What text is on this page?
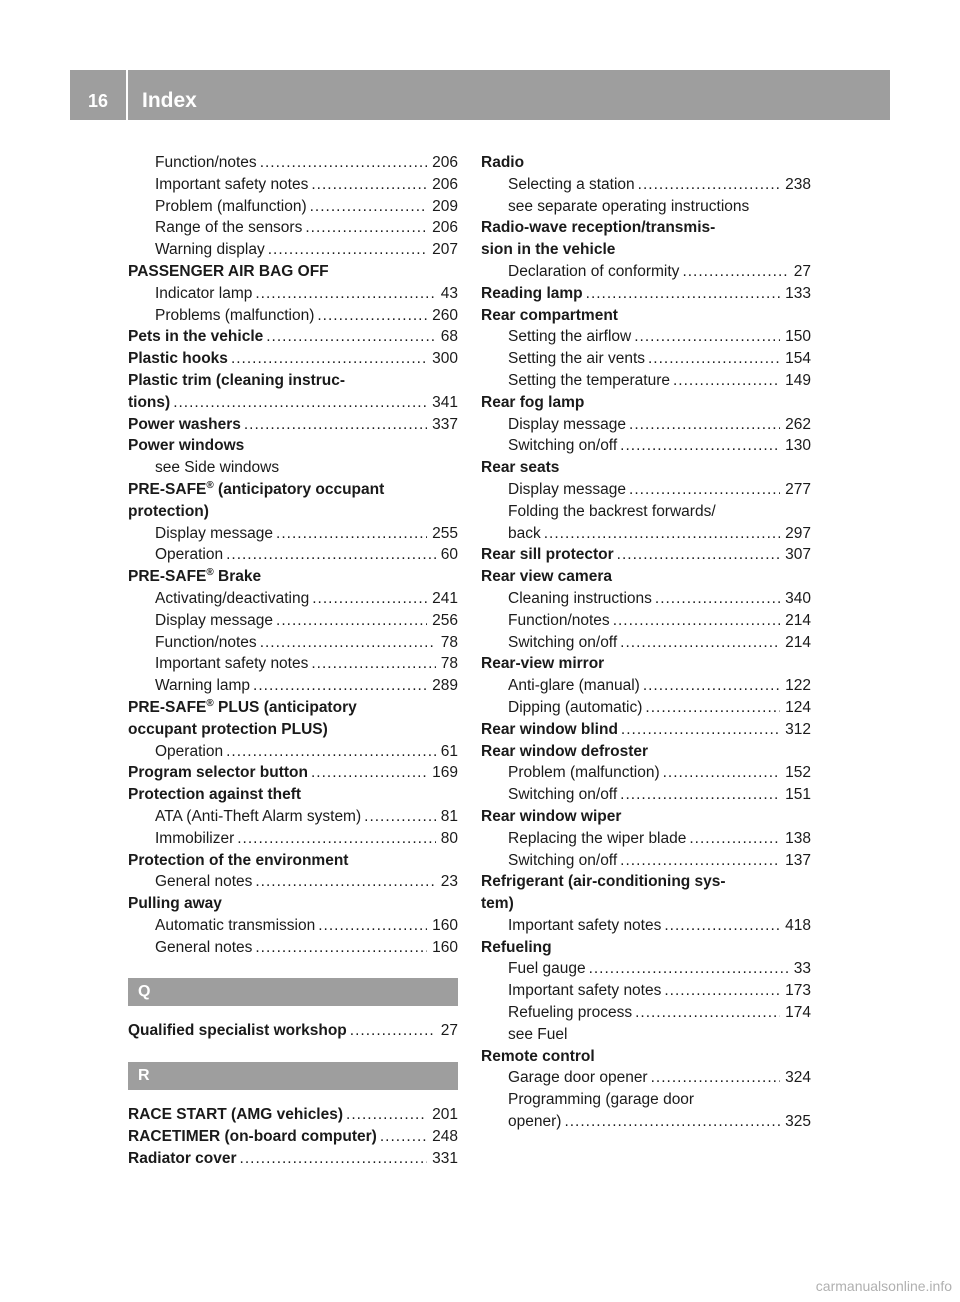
16	Index
Function/notes .....	206
Important safety notes .....	206
Problem (malfunction) .....	209
Range of the sensors .....	206
Warning display .....	207
PASSENGER AIR BAG OFF
Indicator lamp .....	43
Problems (malfunction) .....	260
Pets in the vehicle .....	68
Plastic hooks .....	300
Plastic trim (cleaning instruc-
tions) .....	341
Power washers .....	337
Power windows
see Side windows
PRE-SAFE® (anticipatory occupant
protection)
Display message .....	255
Operation .....	60
PRE-SAFE® Brake
Activating/deactivating .....	241
Display message .....	256
Function/notes .....	78
Important safety notes .....	78
Warning lamp .....	289
PRE-SAFE® PLUS (anticipatory
occupant protection PLUS)
Operation .....	61
Program selector button .....	169
Protection against theft
ATA (Anti-Theft Alarm system) .....	81
Immobilizer .....	80
Protection of the environment
General notes .....	23
Pulling away
Automatic transmission .....	160
General notes .....	160
Q
Qualified specialist workshop .....	27
R
RACE START (AMG vehicles) .....	201
RACETIMER (on-board computer) .....	248
Radiator cover .....	331
Radio
Selecting a station .....	238
see separate operating instructions
Radio-wave reception/transmis-
sion in the vehicle
Declaration of conformity .....	27
Reading lamp .....	133
Rear compartment
Setting the airflow .....	150
Setting the air vents .....	154
Setting the temperature .....	149
Rear fog lamp
Display message .....	262
Switching on/off .....	130
Rear seats
Display message .....	277
Folding the backrest forwards/
back .....	297
Rear sill protector .....	307
Rear view camera
Cleaning instructions .....	340
Function/notes .....	214
Switching on/off .....	214
Rear-view mirror
Anti-glare (manual) .....	122
Dipping (automatic) .....	124
Rear window blind .....	312
Rear window defroster
Problem (malfunction) .....	152
Switching on/off .....	151
Rear window wiper
Replacing the wiper blade .....	138
Switching on/off .....	137
Refrigerant (air-conditioning sys-
tem)
Important safety notes .....	418
Refueling
Fuel gauge .....	33
Important safety notes .....	173
Refueling process .....	174
see Fuel
Remote control
Garage door opener .....	324
Programming (garage door
opener) .....	325
carmanualsonline.info
